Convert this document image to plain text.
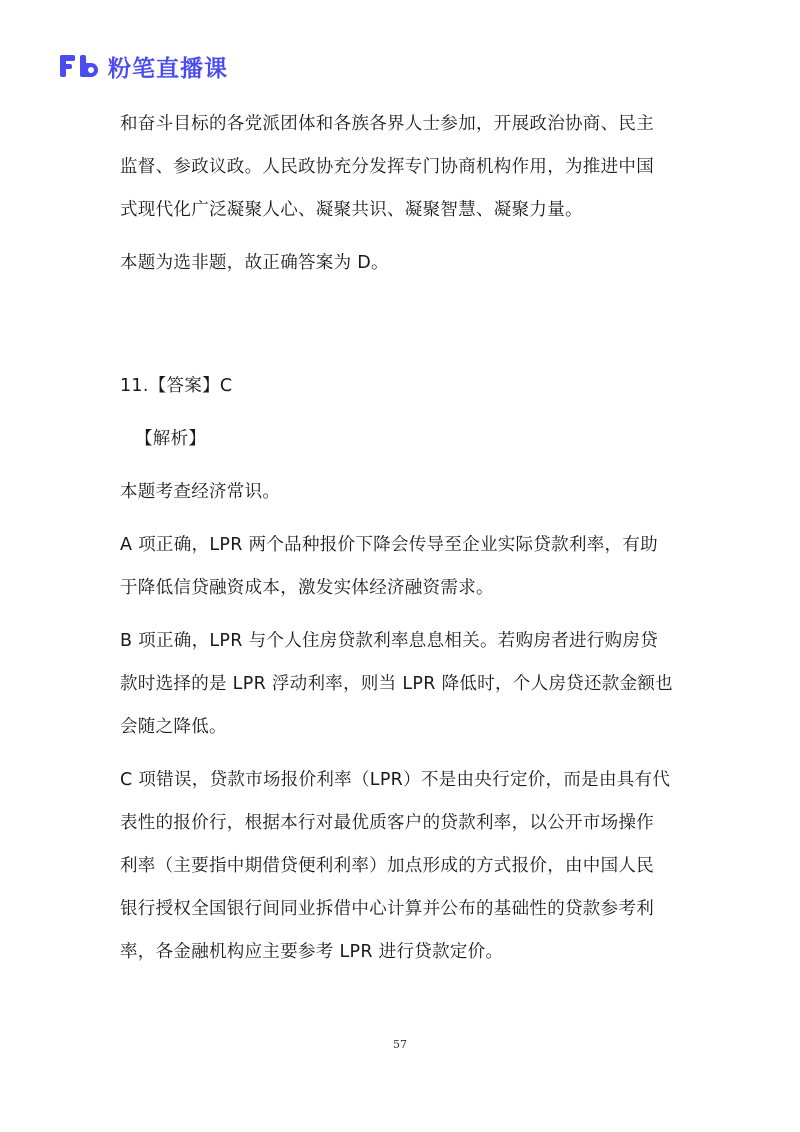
粉笔直播课
和奋斗目标的各党派团体和各族各界人士参加，开展政治协商、民主
监督、参政议政。人民政协充分发挥专门协商机构作用，为推进中国
式现代化广泛凝聚人心、凝聚共识、凝聚智慧、凝聚力量。
本题为选非题，故正确答案为 D。
11.【答案】C
【解析】
本题考查经济常识。
A 项正确，LPR 两个品种报价下降会传导至企业实际贷款利率，有助
于降低信贷融资成本，激发实体经济融资需求。
B 项正确，LPR 与个人住房贷款利率息息相关。若购房者进行购房贷
款时选择的是 LPR 浮动利率，则当 LPR 降低时，个人房贷还款金额也
会随之降低。
C 项错误，贷款市场报价利率（LPR）不是由央行定价，而是由具有代
表性的报价行，根据本行对最优质客户的贷款利率，以公开市场操作
利率（主要指中期借贷便利利率）加点形成的方式报价，由中国人民
银行授权全国银行间同业拆借中心计算并公布的基础性的贷款参考利
率，各金融机构应主要参考 LPR 进行贷款定价。
57
